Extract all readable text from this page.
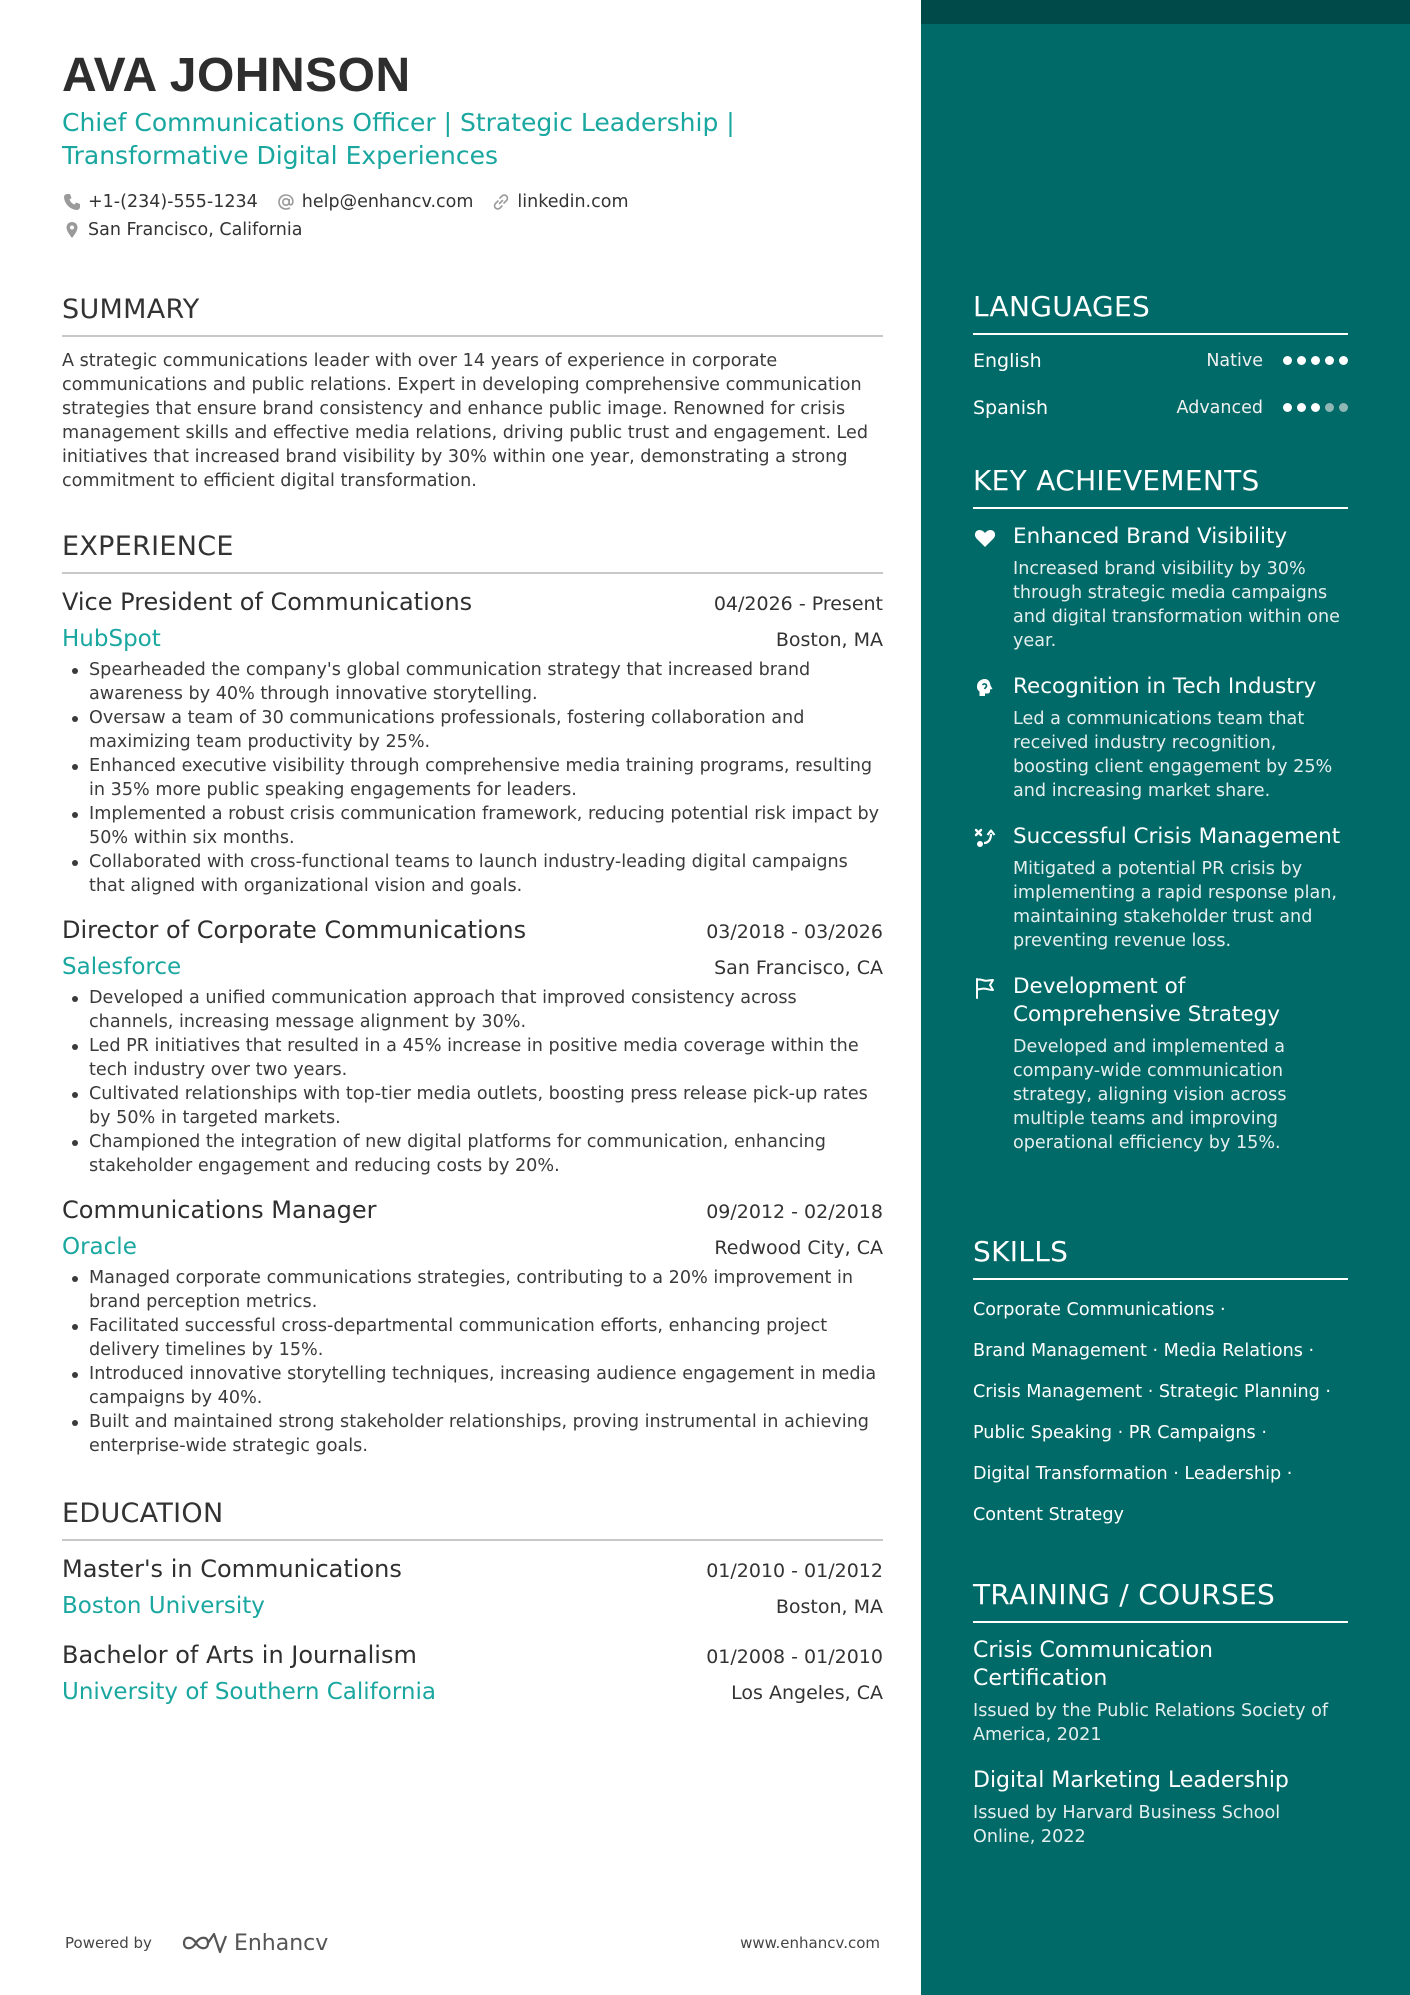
AVA JOHNSON
Chief Communications Officer | Strategic Leadership | Transformative Digital Experiences
+1-(234)-555-1234	help@enhancv.com	linkedin.com
San Francisco, California
SUMMARY
A strategic communications leader with over 14 years of experience in corporate communications and public relations. Expert in developing comprehensive communication strategies that ensure brand consistency and enhance public image. Renowned for crisis management skills and effective media relations, driving public trust and engagement. Led initiatives that increased brand visibility by 30% within one year, demonstrating a strong commitment to efficient digital transformation.
EXPERIENCE
Vice President of Communications	04/2026 - Present
HubSpot	Boston, MA
Spearheaded the company's global communication strategy that increased brand awareness by 40% through innovative storytelling.
Oversaw a team of 30 communications professionals, fostering collaboration and maximizing team productivity by 25%.
Enhanced executive visibility through comprehensive media training programs, resulting in 35% more public speaking engagements for leaders.
Implemented a robust crisis communication framework, reducing potential risk impact by 50% within six months.
Collaborated with cross-functional teams to launch industry-leading digital campaigns that aligned with organizational vision and goals.
Director of Corporate Communications	03/2018 - 03/2026
Salesforce	San Francisco, CA
Developed a unified communication approach that improved consistency across channels, increasing message alignment by 30%.
Led PR initiatives that resulted in a 45% increase in positive media coverage within the tech industry over two years.
Cultivated relationships with top-tier media outlets, boosting press release pick-up rates by 50% in targeted markets.
Championed the integration of new digital platforms for communication, enhancing stakeholder engagement and reducing costs by 20%.
Communications Manager	09/2012 - 02/2018
Oracle	Redwood City, CA
Managed corporate communications strategies, contributing to a 20% improvement in brand perception metrics.
Facilitated successful cross-departmental communication efforts, enhancing project delivery timelines by 15%.
Introduced innovative storytelling techniques, increasing audience engagement in media campaigns by 40%.
Built and maintained strong stakeholder relationships, proving instrumental in achieving enterprise-wide strategic goals.
EDUCATION
Master's in Communications	01/2010 - 01/2012
Boston University	Boston, MA
Bachelor of Arts in Journalism	01/2008 - 01/2010
University of Southern California	Los Angeles, CA
Powered by	Enhancv	www.enhancv.com
LANGUAGES
English	Native
Spanish	Advanced
KEY ACHIEVEMENTS
Enhanced Brand Visibility
Increased brand visibility by 30% through strategic media campaigns and digital transformation within one year.
Recognition in Tech Industry
Led a communications team that received industry recognition, boosting client engagement by 25% and increasing market share.
Successful Crisis Management
Mitigated a potential PR crisis by implementing a rapid response plan, maintaining stakeholder trust and preventing revenue loss.
Development of Comprehensive Strategy
Developed and implemented a company-wide communication strategy, aligning vision across multiple teams and improving operational efficiency by 15%.
SKILLS
Corporate Communications ·
Brand Management · Media Relations ·
Crisis Management · Strategic Planning ·
Public Speaking · PR Campaigns ·
Digital Transformation · Leadership ·
Content Strategy
TRAINING / COURSES
Crisis Communication Certification
Issued by the Public Relations Society of America, 2021
Digital Marketing Leadership
Issued by Harvard Business School Online, 2022
